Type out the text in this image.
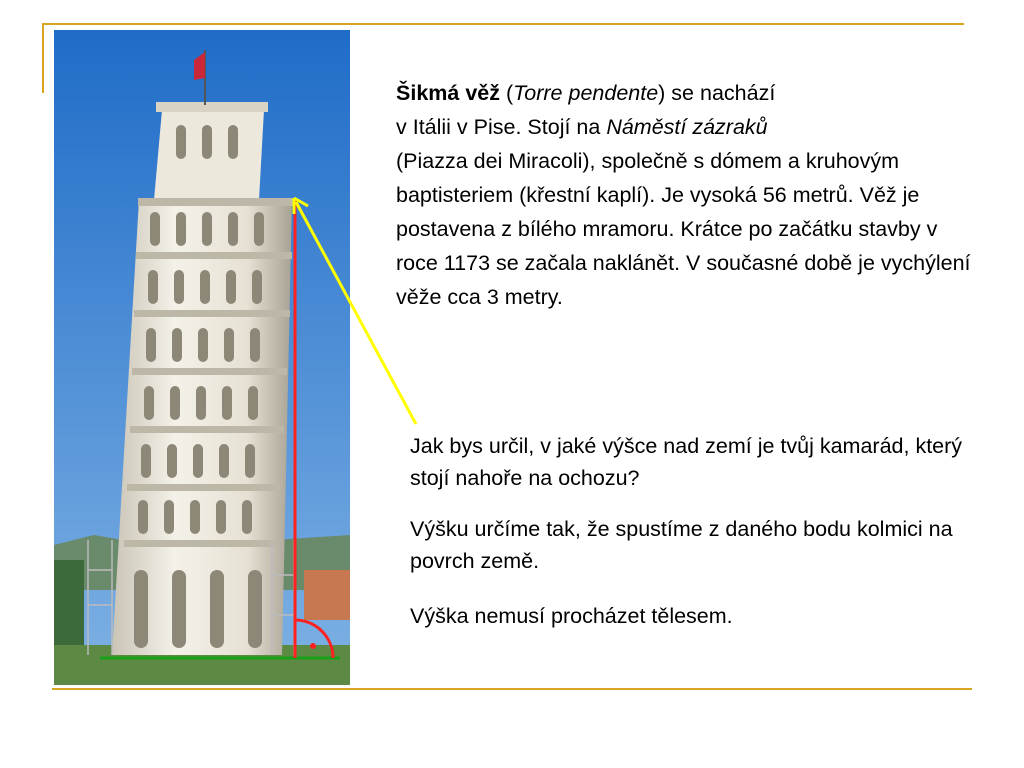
Šikmá věž (Torre pendente) se nachází
v Itálii v Pise. Stojí na Náměstí zázraků
(Piazza dei Miracoli), společně s dómem a kruhovým baptisteriem (křestní kaplí). Je vysoká 56 metrů. Věž je postavena z bílého mramoru. Krátce po začátku stavby v roce 1173 se začala naklánět. V současné době je vychýlení věže cca 3 metry.

Jak bys určil, v jaké výšce nad zemí je tvůj kamarád, který stojí nahoře na ochozu?

Výšku určíme tak, že spustíme z daného bodu kolmici na povrch země.

Výška nemusí procházet tělesem.
